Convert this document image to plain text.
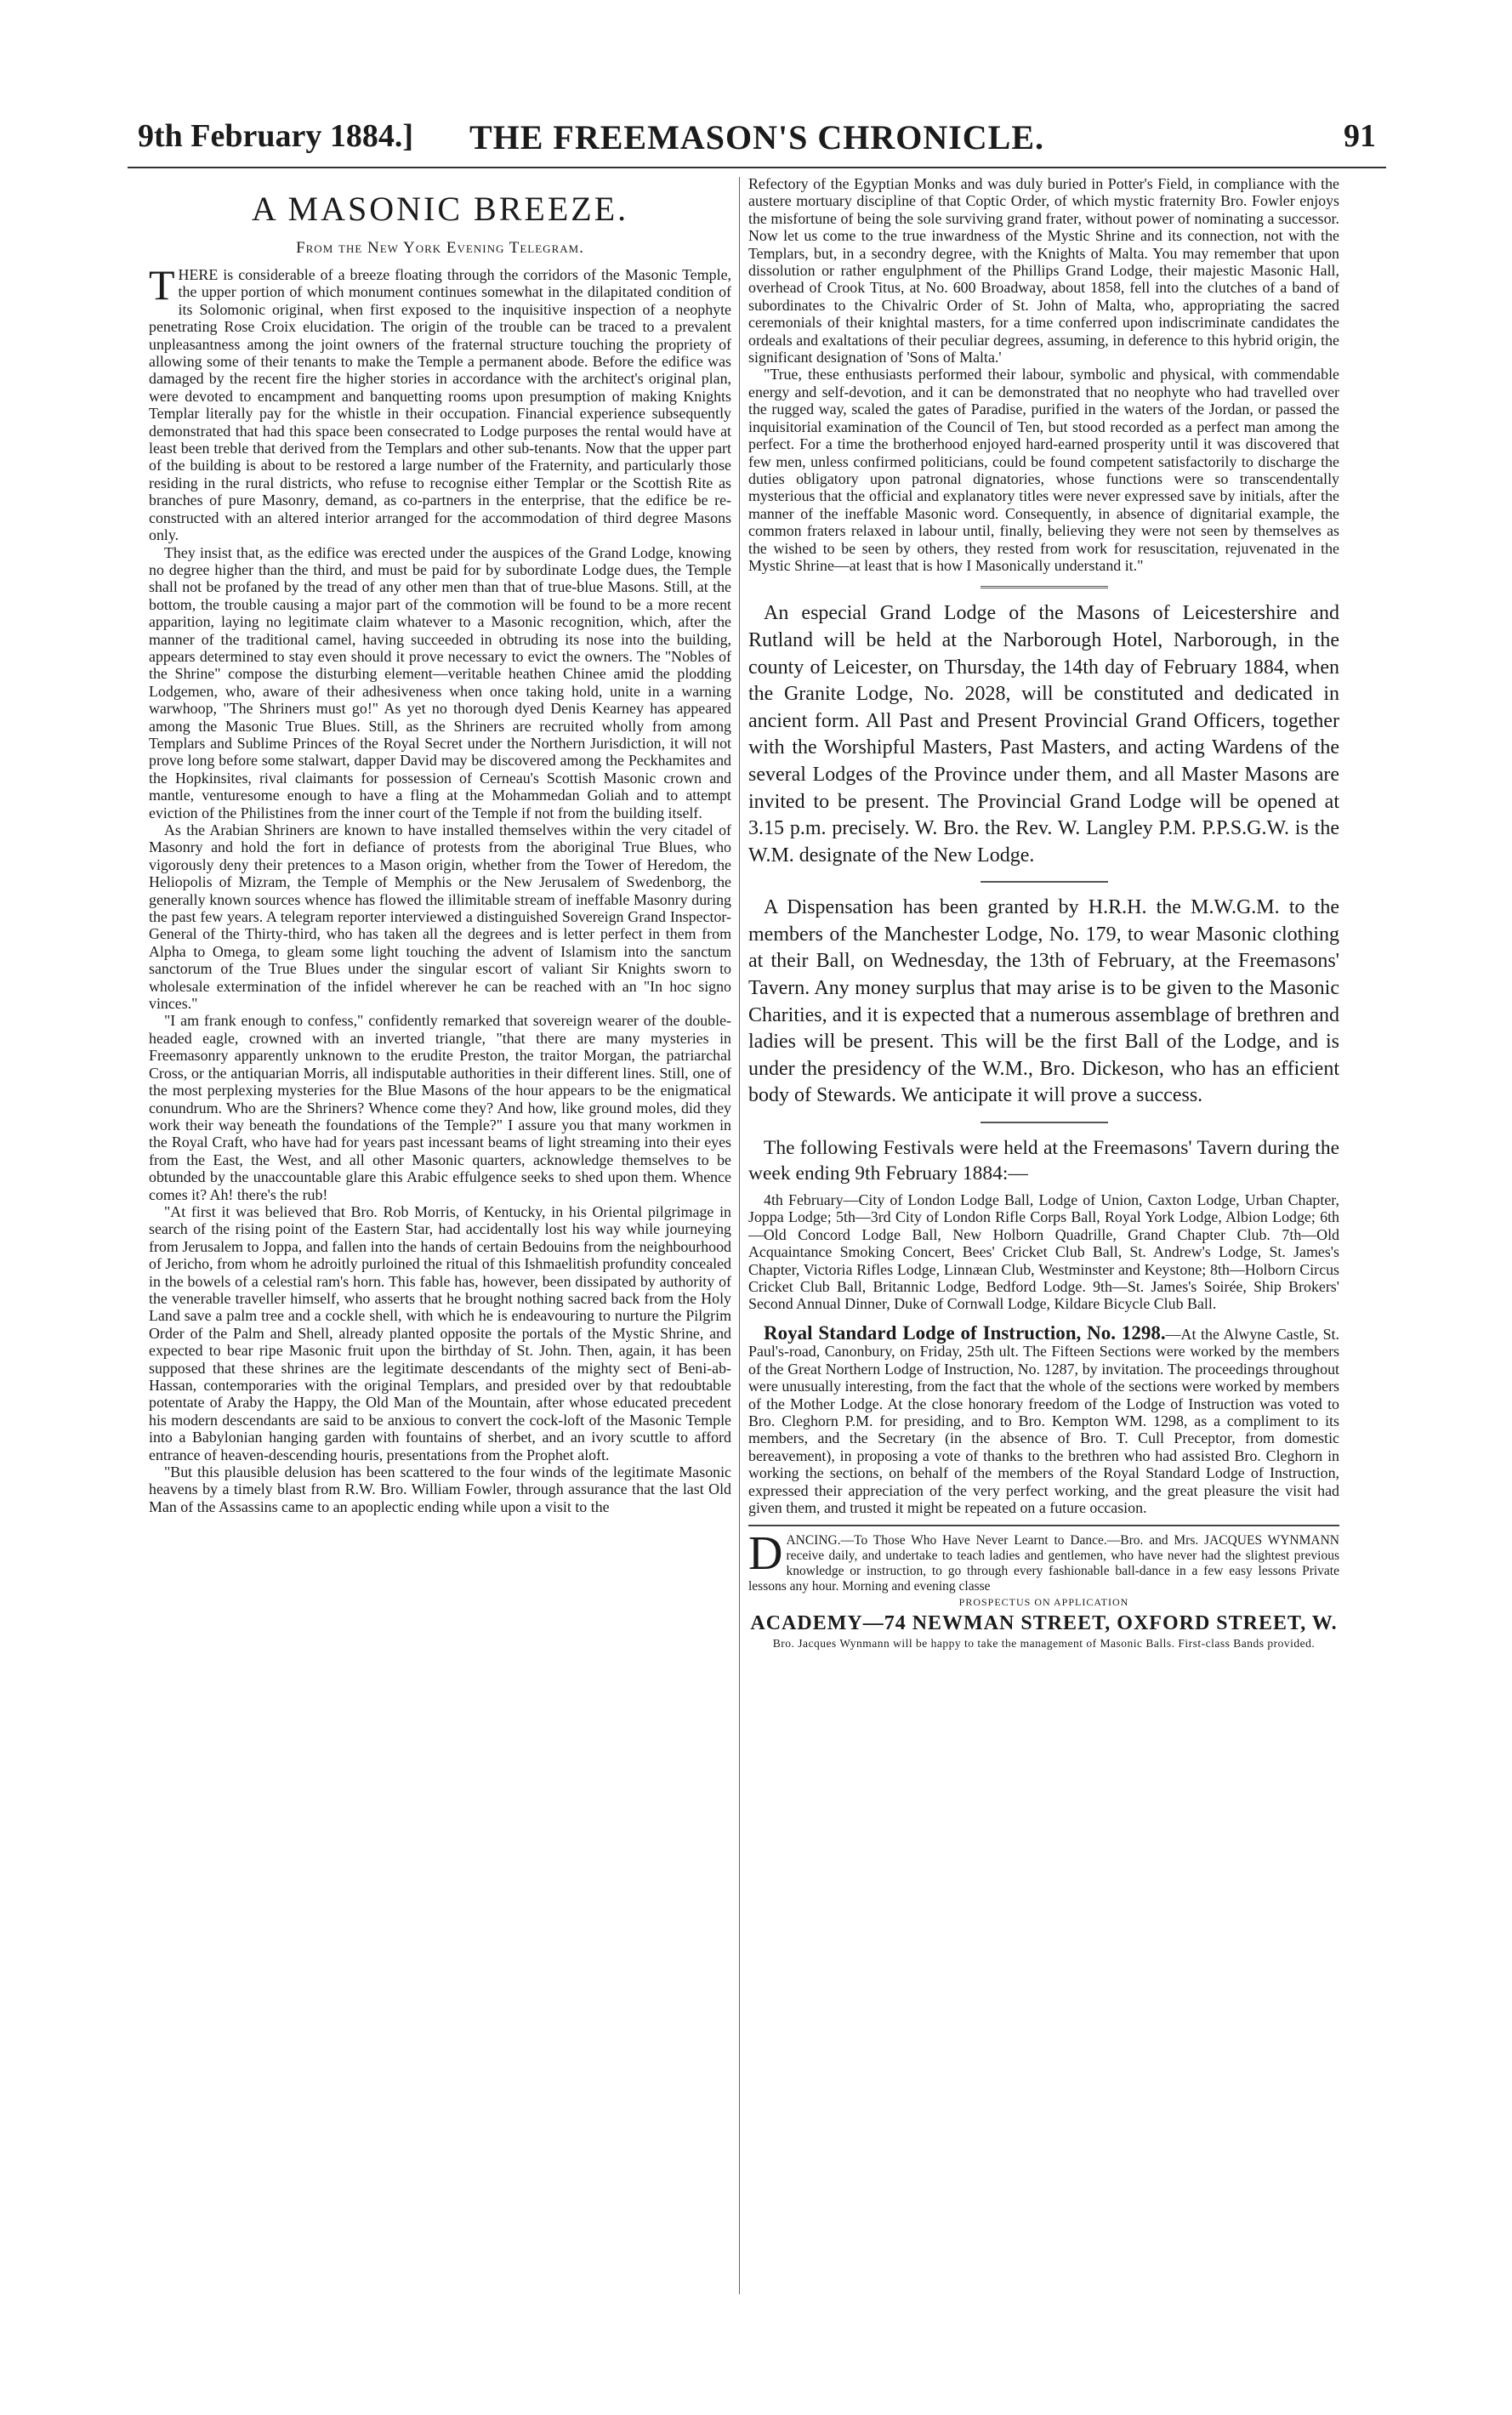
9th February 1884.]	THE FREEMASON'S CHRONICLE.	91
A MASONIC BREEZE.
From the New York Evening Telegram.

THERE is considerable of a breeze floating through the corridors of the Masonic Temple, the upper portion of which monument continues somewhat in the dilapitated condition of its Solomonic original, when first exposed to the inquisitive inspection of a neophyte penetrating Rose Croix elucidation. The origin of the trouble can be traced to a prevalent unpleasantness among the joint owners of the fraternal structure touching the propriety of allowing some of their tenants to make the Temple a permanent abode. Before the edifice was damaged by the recent fire the higher stories in accordance with the architect's original plan, were devoted to encampment and banquetting rooms upon presumption of making Knights Templar literally pay for the whistle in their occupation. Financial experience subsequently demonstrated that had this space been consecrated to Lodge purposes the rental would have at least been treble that derived from the Templars and other sub-tenants. Now that the upper part of the building is about to be restored a large number of the Fraternity, and particularly those residing in the rural districts, who refuse to recognise either Templar or the Scottish Rite as branches of pure Masonry, demand, as co-partners in the enterprise, that the edifice be re-constructed with an altered interior arranged for the accommodation of third degree Masons only.

They insist that, as the edifice was erected under the auspices of the Grand Lodge, knowing no degree higher than the third, and must be paid for by subordinate Lodge dues, the Temple shall not be profaned by the tread of any other men than that of true-blue Masons. Still, at the bottom, the trouble causing a major part of the commotion will be found to be a more recent apparition, laying no legitimate claim whatever to a Masonic recognition, which, after the manner of the traditional camel, having succeeded in obtruding its nose into the building, appears determined to stay even should it prove necessary to evict the owners. The "Nobles of the Shrine" compose the disturbing element—veritable heathen Chinee amid the plodding Lodgemen, who, aware of their adhesiveness when once taking hold, unite in a warning warwhoop, "The Shriners must go!" As yet no thorough dyed Denis Kearney has appeared among the Masonic True Blues. Still, as the Shriners are recruited wholly from among Templars and Sublime Princes of the Royal Secret under the Northern Jurisdiction, it will not prove long before some stalwart, dapper David may be discovered among the Peckhamites and the Hopkinsites, rival claimants for possession of Cerneau's Scottish Masonic crown and mantle, venturesome enough to have a fling at the Mohammedan Goliah and to attempt eviction of the Philistines from the inner court of the Temple if not from the building itself.

As the Arabian Shriners are known to have installed themselves within the very citadel of Masonry and hold the fort in defiance of protests from the aboriginal True Blues, who vigorously deny their pretences to a Mason origin, whether from the Tower of Heredom, the Heliopolis of Mizram, the Temple of Memphis or the New Jerusalem of Swedenborg, the generally known sources whence has flowed the illimitable stream of ineffable Masonry during the past few years. A telegram reporter interviewed a distinguished Sovereign Grand Inspector-General of the Thirty-third, who has taken all the degrees and is letter perfect in them from Alpha to Omega, to gleam some light touching the advent of Islamism into the sanctum sanctorum of the True Blues under the singular escort of valiant Sir Knights sworn to wholesale extermination of the infidel wherever he can be reached with an "In hoc signo vinces."

"I am frank enough to confess," confidently remarked that sovereign wearer of the double-headed eagle, crowned with an inverted triangle, "that there are many mysteries in Freemasonry apparently unknown to the erudite Preston, the traitor Morgan, the patriarchal Cross, or the antiquarian Morris, all indisputable authorities in their different lines. Still, one of the most perplexing mysteries for the Blue Masons of the hour appears to be the enigmatical conundrum. Who are the Shriners? Whence come they? And how, like ground moles, did they work their way beneath the foundations of the Temple?" I assure you that many workmen in the Royal Craft, who have had for years past incessant beams of light streaming into their eyes from the East, the West, and all other Masonic quarters, acknowledge themselves to be obtunded by the unaccountable glare this Arabic effulgence seeks to shed upon them. Whence comes it? Ah! there's the rub!

"At first it was believed that Bro. Rob Morris, of Kentucky, in his Oriental pilgrimage in search of the rising point of the Eastern Star, had accidentally lost his way while journeying from Jerusalem to Joppa, and fallen into the hands of certain Bedouins from the neighbourhood of Jericho, from whom he adroitly purloined the ritual of this Ishmaelitish profundity concealed in the bowels of a celestial ram's horn. This fable has, however, been dissipated by authority of the venerable traveller himself, who asserts that he brought nothing sacred back from the Holy Land save a palm tree and a cockle shell, with which he is endeavouring to nurture the Pilgrim Order of the Palm and Shell, already planted opposite the portals of the Mystic Shrine, and expected to bear ripe Masonic fruit upon the birthday of St. John. Then, again, it has been supposed that these shrines are the legitimate descendants of the mighty sect of Beni-ab-Hassan, contemporaries with the original Templars, and presided over by that redoubtable potentate of Araby the Happy, the Old Man of the Mountain, after whose educated precedent his modern descendants are said to be anxious to convert the cock-loft of the Masonic Temple into a Babylonian hanging garden with fountains of sherbet, and an ivory scuttle to afford entrance of heaven-descending houris, presentations from the Prophet aloft.

"But this plausible delusion has been scattered to the four winds of the legitimate Masonic heavens by a timely blast from R.W. Bro. William Fowler, through assurance that the last Old Man of the Assassins came to an apoplectic ending while upon a visit to the

Refectory of the Egyptian Monks and was duly buried in Potter's Field, in compliance with the austere mortuary discipline of that Coptic Order, of which mystic fraternity Bro. Fowler enjoys the misfortune of being the sole surviving grand frater, without power of nominating a successor. Now let us come to the true inwardness of the Mystic Shrine and its connection, not with the Templars, but, in a secondry degree, with the Knights of Malta. You may remember that upon dissolution or rather engulphment of the Phillips Grand Lodge, their majestic Masonic Hall, overhead of Crook Titus, at No. 600 Broadway, about 1858, fell into the clutches of a band of subordinates to the Chivalric Order of St. John of Malta, who, appropriating the sacred ceremonials of their knightal masters, for a time conferred upon indiscriminate candidates the ordeals and exaltations of their peculiar degrees, assuming, in deference to this hybrid origin, the significant designation of 'Sons of Malta.'

"True, these enthusiasts performed their labour, symbolic and physical, with commendable energy and self-devotion, and it can be demonstrated that no neophyte who had travelled over the rugged way, scaled the gates of Paradise, purified in the waters of the Jordan, or passed the inquisitorial examination of the Council of Ten, but stood recorded as a perfect man among the perfect. For a time the brotherhood enjoyed hard-earned prosperity until it was discovered that few men, unless confirmed politicians, could be found competent satisfactorily to discharge the duties obligatory upon patronal dignatories, whose functions were so transcendentally mysterious that the official and explanatory titles were never expressed save by initials, after the manner of the ineffable Masonic word. Consequently, in absence of dignitarial example, the common fraters relaxed in labour until, finally, believing they were not seen by themselves as the wished to be seen by others, they rested from work for resuscitation, rejuvenated in the Mystic Shrine—at least that is how I Masonically understand it."

An especial Grand Lodge of the Masons of Leicestershire and Rutland will be held at the Narborough Hotel, Narborough, in the county of Leicester, on Thursday, the 14th day of February 1884, when the Granite Lodge, No. 2028, will be constituted and dedicated in ancient form. All Past and Present Provincial Grand Officers, together with the Worshipful Masters, Past Masters, and acting Wardens of the several Lodges of the Province under them, and all Master Masons are invited to be present. The Provincial Grand Lodge will be opened at 3.15 p.m. precisely. W. Bro. the Rev. W. Langley P.M. P.P.S.G.W. is the W.M. designate of the New Lodge.

A Dispensation has been granted by H.R.H. the M.W.G.M. to the members of the Manchester Lodge, No. 179, to wear Masonic clothing at their Ball, on Wednesday, the 13th of February, at the Freemasons' Tavern. Any money surplus that may arise is to be given to the Masonic Charities, and it is expected that a numerous assemblage of brethren and ladies will be present. This will be the first Ball of the Lodge, and is under the presidency of the W.M., Bro. Dickeson, who has an efficient body of Stewards. We anticipate it will prove a success.

The following Festivals were held at the Freemasons' Tavern during the week ending 9th February 1884:—

4th February—City of London Lodge Ball, Lodge of Union, Caxton Lodge, Urban Chapter, Joppa Lodge; 5th—3rd City of London Rifle Corps Ball, Royal York Lodge, Albion Lodge; 6th—Old Concord Lodge Ball, New Holborn Quadrille, Grand Chapter Club. 7th—Old Acquaintance Smoking Concert, Bees' Cricket Club Ball, St. Andrew's Lodge, St. James's Chapter, Victoria Rifles Lodge, Linnæan Club, Westminster and Keystone; 8th—Holborn Circus Cricket Club Ball, Britannic Lodge, Bedford Lodge. 9th—St. James's Soirée, Ship Brokers' Second Annual Dinner, Duke of Cornwall Lodge, Kildare Bicycle Club Ball.

Royal Standard Lodge of Instruction, No. 1298.—At the Alwyne Castle, St. Paul's-road, Canonbury, on Friday, 25th ult. The Fifteen Sections were worked by the members of the Great Northern Lodge of Instruction, No. 1287, by invitation. The proceedings throughout were unusually interesting, from the fact that the whole of the sections were worked by members of the Mother Lodge. At the close honorary freedom of the Lodge of Instruction was voted to Bro. Cleghorn P.M. for presiding, and to Bro. Kempton WM. 1298, as a compliment to its members, and the Secretary (in the absence of Bro. T. Cull Preceptor, from domestic bereavement), in proposing a vote of thanks to the brethren who had assisted Bro. Cleghorn in working the sections, on behalf of the members of the Royal Standard Lodge of Instruction, expressed their appreciation of the very perfect working, and the great pleasure the visit had given them, and trusted it might be repeated on a future occasion.

DANCING.—To Those Who Have Never Learnt to Dance.—Bro. and Mrs. JACQUES WYNMANN receive daily, and undertake to teach ladies and gentlemen, who have never had the slightest previous knowledge or instruction, to go through every fashionable ball-dance in a few easy lessons Private lessons any hour. Morning and evening classe

PROSPECTUS ON APPLICATION
ACADEMY—74 NEWMAN STREET, OXFORD STREET, W.

Bro. Jacques Wynmann will be happy to take the management of Masonic Balls. First-class Bands provided.
